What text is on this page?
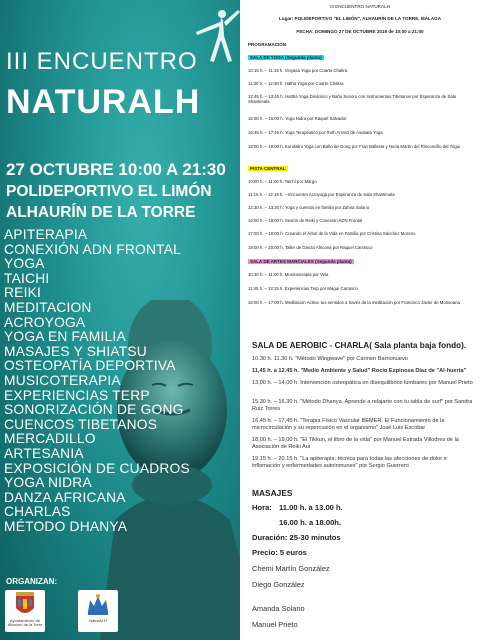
III ENCUENTRO
NATURALH
27 OCTUBRE 10:00 A 21:30
POLIDEPORTIVO EL LIMÓN
ALHAURÍN DE LA TORRE
APITERAPIA
CONEXIÓN ADN FRONTAL
YOGA
TAICHI
REIKI
MEDITACION
ACROYOGA
YOGA EN FAMILIA
MASAJES Y SHIATSU
OSTEOPATÍA DEPORTIVA
MUSICOTERAPIA
EXPERIENCIAS TERP
SONORIZACIÓN DE GONG
CUENCOS TIBETANOS
MERCADILLO
ARTESANIA
EXPOSICIÓN DE CUADROS
YOGA NIDRA
DANZA AFRICANA
CHARLAS
MÉTODO DHANYA
ORGANIZAN:
Ayuntamiento de Alhaurín de la Torre
NaturALH
III ENCUENTRO NATURALH
Lugar: POLIDEPORTIVO "EL LIMÓN", ALHAURÍN DE LA TORRE, MÁLAGA
FECHA: DOMINGO 27 DE OCTUBRE 2019 de 10:00 a 21:00
PROGRAMACIÓN
SALA DE YOGA (Segunda planta)
10:15 h. – 11:15 h. Vinyasa Yoga por Cuarto Chakra
11:30 h. – 12:30 h. Hatha Yoga por Cuarto Chakra
12:45 h. – 13:45 h. Hattha Yoga Dinámico y Baño Sonoro con Instrumentos Tibetanos por Esperanza de Sala Shantimala
15:00 h. – 16:00 h. Yoga Nidra por Raquel Salvador
16:45 h. – 17:45 h. Yoga Terapéutico por Ruth Arranz de Asubata Yoga
18:00 h. – 19:00 h. Kundalini Yoga con Baño de Gong por Fran Ballesta y Nuria Martín del Rinconcillo del Yogui
PISTA CENTRAL
10:00 h. – 11:00 h. Taichí por Margo
11:15 h. – 12:15 h. – Encuentro Acroyoga por Esperanza de Sala Shantimala
12:30 h. – 13:30 h. Yoga y cuentos en familia por Zahira Solano
16:00 h. – 18:00 h. Sesión de Reiki y Conexión ADN Frontal
17:00 h. – 18:00 h. Creando el Árbol de la Vida en Familia por Cristina Sánchez Moreno
19:00 h. – 20:00 h. Taller de Danza Africana por Raquel Carrasco
SALA DE ARTES MARCIALES (Segunda planta)
10:30 h. – 11:00 h. Musicoterapia por Vela
11:45 h. – 13:15 h. Experiencias Terp por Maguí Carrasco
16:00 h. – 17:00 h. Meditación Activa: tus sentidos a través de la meditación por Francisco Javier de Monsoana
SALA DE AEROBIC - CHARLA( Sala planta baja fondo).
10.30 h. 11.30 h. "Método Wingwave" por Carmen Barrionuevo
11,45 h. a 12.45 h. "Medio Ambiente y Salud" Rocío Espinosa Díaz de "Al-huerta"
13,00 h. – 14,00 h. Intervención osteopática en disequilibrios lumbares por Manuel Prieto
15.30 h. – 16.30 h. "Método Dhanya. Aprende a relajarte con tu tabla de surf" por Sandra Ruiz Torres
16,45 h. – 17,45 h. "Terapia Físico Vascular BEMER. El Funcionamiento de la microcirculación y su repercusión en el organismo" José Luis Escobar
18,00 h. – 19,00 h. "El Tikkun, el libro de la vida" por Manuel Estrada Villodres de la Asociación de Reiki Aur
19.15 h. – 20.15 h. "La apiterapia: técnica para todas las afecciones de dolor e inflamación y enfermedades autoinmunes" por Sergio Guerrero
MASAJES
Hora: 11.00 h. a 13.00 h.
16.00 h. a 18.00h.
Duración: 25-30 minutos
Precio: 5 euros
Chemi Martín González
Diego González
Amanda Solano
Manuel Prieto
